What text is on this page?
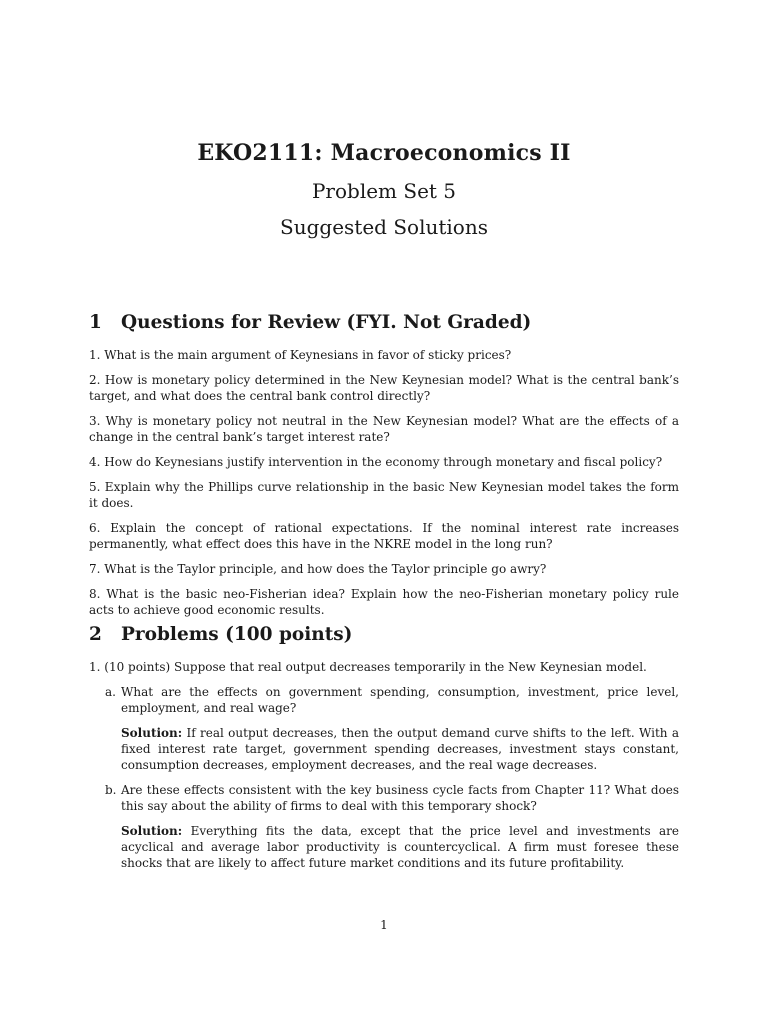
EKO2111: Macroeconomics II
Problem Set 5
Suggested Solutions
1 Questions for Review (FYI. Not Graded)

1. What is the main argument of Keynesians in favor of sticky prices?

2. How is monetary policy determined in the New Keynesian model? What is the central bank’s target, and what does the central bank control directly?

3. Why is monetary policy not neutral in the New Keynesian model? What are the effects of a change in the central bank’s target interest rate?

4. How do Keynesians justify intervention in the economy through monetary and fiscal policy?

5. Explain why the Phillips curve relationship in the basic New Keynesian model takes the form it does.

6. Explain the concept of rational expectations. If the nominal interest rate increases permanently, what effect does this have in the NKRE model in the long run?

7. What is the Taylor principle, and how does the Taylor principle go awry?

8. What is the basic neo-Fisherian idea? Explain how the neo-Fisherian monetary policy rule acts to achieve good economic results.

2 Problems (100 points)

1. (10 points) Suppose that real output decreases temporarily in the New Keynesian model.

a. What are the effects on government spending, consumption, investment, price level, employment, and real wage?

Solution: If real output decreases, then the output demand curve shifts to the left. With a fixed interest rate target, government spending decreases, investment stays constant, consumption decreases, employment decreases, and the real wage decreases.

b. Are these effects consistent with the key business cycle facts from Chapter 11? What does this say about the ability of firms to deal with this temporary shock?

Solution: Everything fits the data, except that the price level and investments are acyclical and average labor productivity is countercyclical. A firm must foresee these shocks that are likely to affect future market conditions and its future profitability.

1
